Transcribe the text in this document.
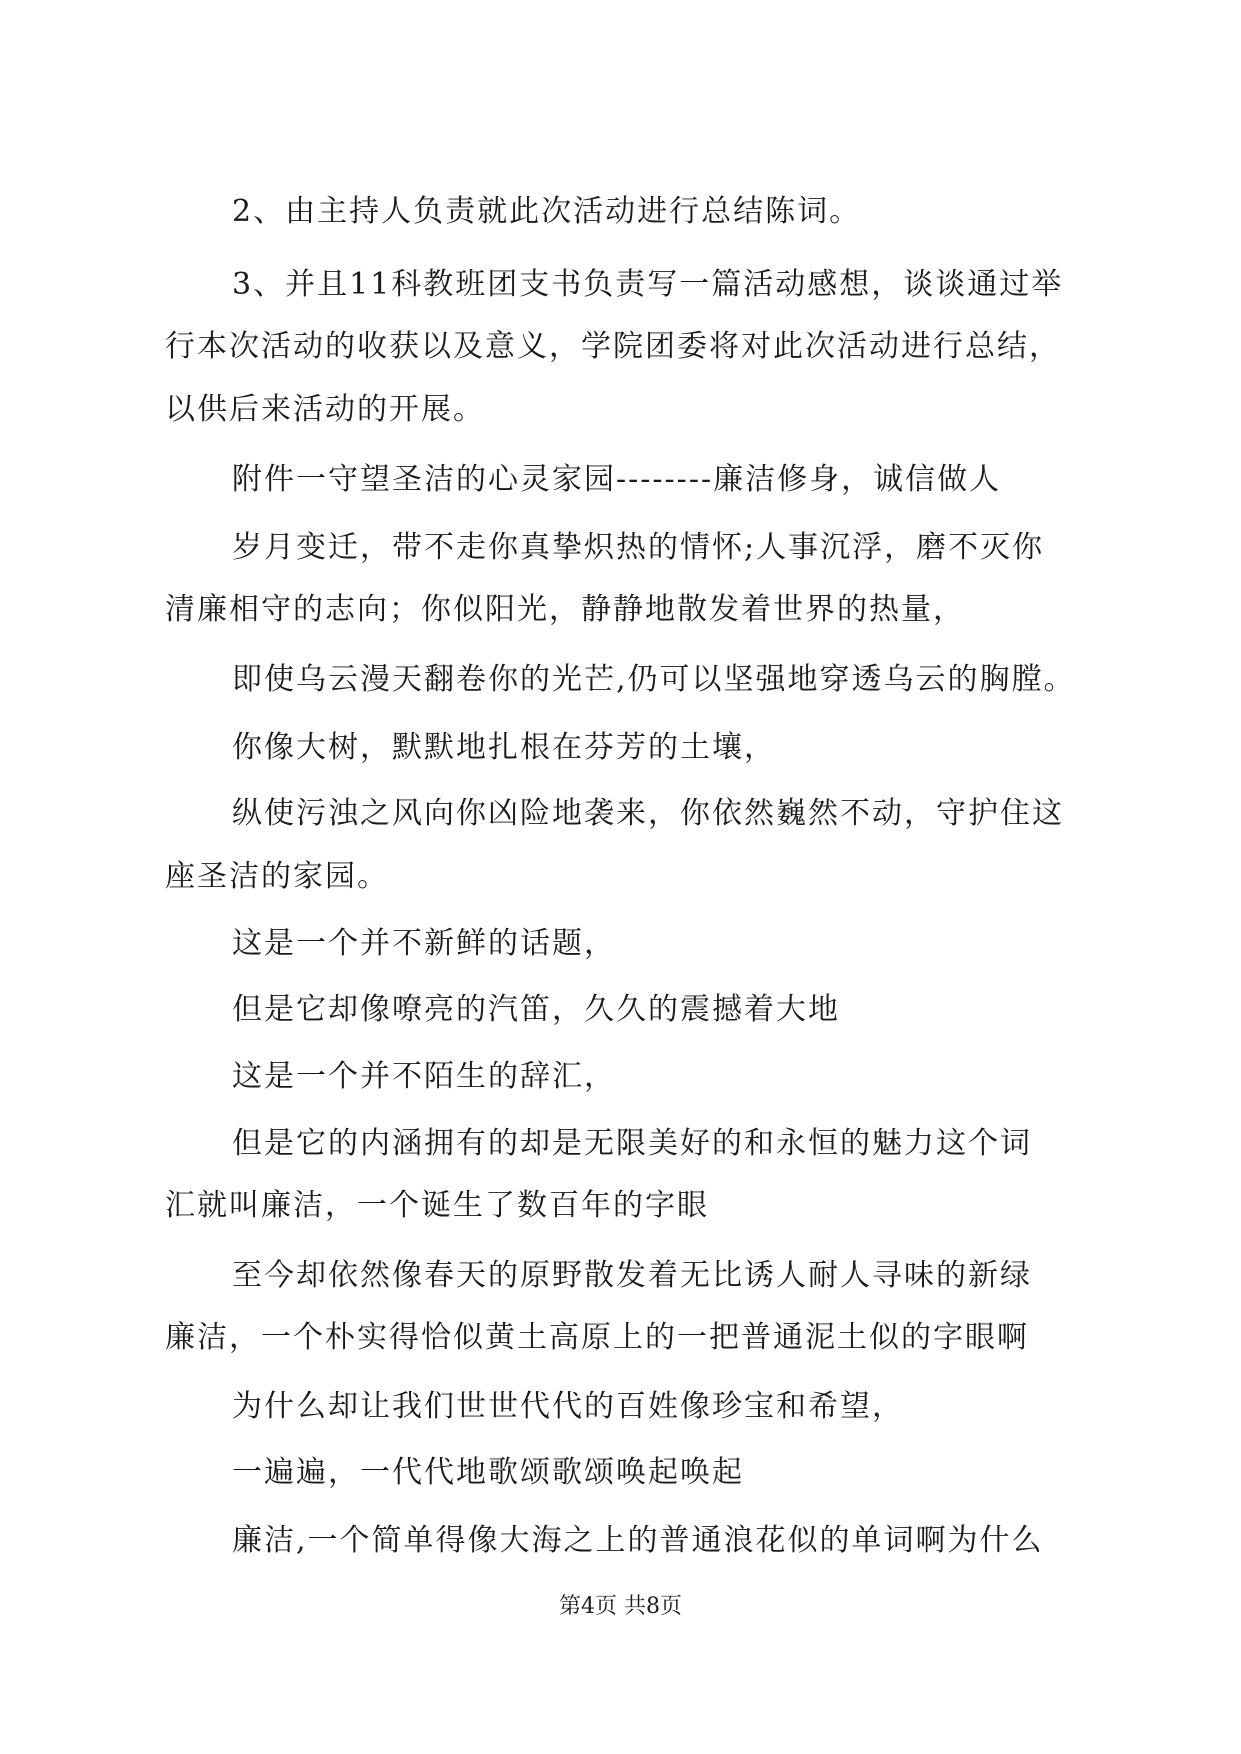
2、由主持人负责就此次活动进行总结陈词。
3、并且11科教班团支书负责写一篇活动感想，谈谈通过举
行本次活动的收获以及意义，学院团委将对此次活动进行总结，
以供后来活动的开展。
附件一守望圣洁的心灵家园--------廉洁修身，诚信做人
岁月变迁，带不走你真挚炽热的情怀;人事沉浮，磨不灭你
清廉相守的志向；你似阳光，静静地散发着世界的热量，
即使乌云漫天翻卷你的光芒,仍可以坚强地穿透乌云的胸膛。
你像大树，默默地扎根在芬芳的土壤，
纵使污浊之风向你凶险地袭来，你依然巍然不动，守护住这
座圣洁的家园。
这是一个并不新鲜的话题，
但是它却像嘹亮的汽笛，久久的震撼着大地
这是一个并不陌生的辞汇，
但是它的内涵拥有的却是无限美好的和永恒的魅力这个词
汇就叫廉洁，一个诞生了数百年的字眼
至今却依然像春天的原野散发着无比诱人耐人寻味的新绿
廉洁，一个朴实得恰似黄土高原上的一把普通泥土似的字眼啊
为什么却让我们世世代代的百姓像珍宝和希望，
一遍遍，一代代地歌颂歌颂唤起唤起
廉洁,一个简单得像大海之上的普通浪花似的单词啊为什么
第4页 共8页
